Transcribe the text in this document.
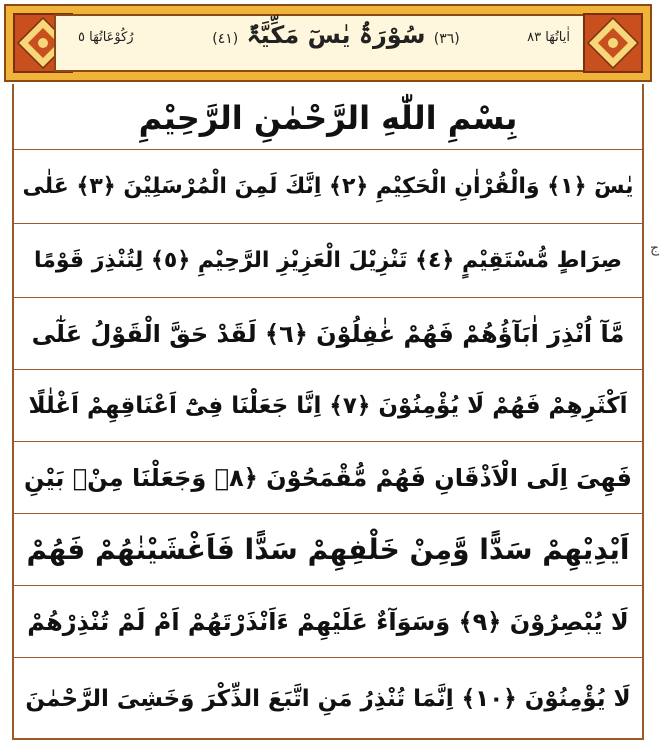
اٰیاتُھَا ٨٣
(٣٦) سُوْرَۃُ یٰسٓ مَکِّیَّۃٌ (٤١)
رُکُوْعَاتُھَا ٥
بِسْمِ اللّٰهِ الرَّحْمٰنِ الرَّحِيْمِ
يٰسٓ ﴿١﴾ وَالْقُرْاٰنِ الْحَكِيْمِ ﴿٢﴾ اِنَّكَ لَمِنَ الْمُرْسَلِيْنَ ﴿٣﴾ عَلٰى
صِرَاطٍ مُّسْتَقِيْمٍ ﴿٤﴾ تَنْزِيْلَ الْعَزِيْزِ الرَّحِيْمِ ﴿٥﴾ لِتُنْذِرَ قَوْمًا
مَّآ اُنْذِرَ اٰبَآؤُهُمْ فَهُمْ غٰفِلُوْنَ ﴿٦﴾ لَقَدْ حَقَّ الْقَوْلُ عَلٰٓى
اَكْثَرِهِمْ فَهُمْ لَا يُؤْمِنُوْنَ ﴿٧﴾ اِنَّا جَعَلْنَا فِیْٓ اَعْنَاقِهِمْ اَغْلٰلًا
فَهِىَ اِلَى الْاَذْقَانِ فَهُمْ مُّقْمَحُوْنَ ﴿٨﴾ وَجَعَلْنَا مِنْۢ بَيْنِ
اَيْدِيْهِمْ سَدًّا وَّمِنْ خَلْفِهِمْ سَدًّا فَاَغْشَيْنٰهُمْ فَهُمْ
لَا يُبْصِرُوْنَ ﴿٩﴾ وَسَوَآءٌ عَلَيْهِمْ ءَاَنْذَرْتَهُمْ اَمْ لَمْ تُنْذِرْهُمْ
لَا يُؤْمِنُوْنَ ﴿١٠﴾ اِنَّمَا تُنْذِرُ مَنِ اتَّبَعَ الذِّكْرَ وَخَشِىَ الرَّحْمٰنَ
ج
